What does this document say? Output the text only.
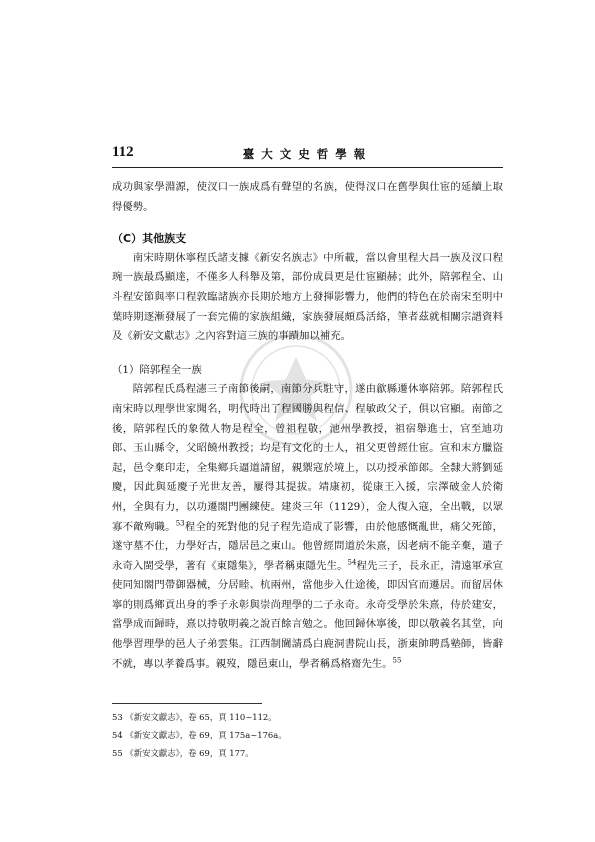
112	臺大文史哲學報

成功與家學淵源，使汊口一族成爲有聲望的名族，使得汊口在舊學與仕宦的延續上取得優勢。

（C）其他族支

南宋時期休寧程氏諸支據《新安名族志》中所載，當以會里程大昌一族及汊口程琬一族最爲顯達，不僅多人科舉及第，部份成員更是仕宦顯赫；此外，陪郭程全、山斗程安節與率口程敦臨諸族亦長期於地方上發揮影響力，他們的特色在於南宋至明中葉時期逐漸發展了一套完備的家族組織，家族發展頗爲活絡，筆者茲就相關宗譜資料及《新安文獻志》之內容對這三族的事蹟加以補充。

（1）陪郭程全一族

陪郭程氏爲程瀗三子南節後嗣，南節分兵駐守，遂由歙縣遷休寧陪郭。陪郭程氏南宋時以理學世家聞名，明代時出了程國勝與程信、程敏政父子，俱以官顯。南節之後，陪郭程氏的象徵人物是程全，曾祖程敬，池州學教授，祖宿舉進士，官至迪功郎、玉山縣令，父昭饒州教授；均是有文化的士人，祖父更曾經仕宦。宣和末方臘盜起，邑令棄印走，全集鄉兵逼道請留，親禦寇於境上，以功授承節郎。全隸大將劉延慶，因此與延慶子光世友善，屢得其提拔。靖康初，從康王入援，宗澤破金人於衛州，全與有力，以功遷閤門團練使。建炎三年（1129），金人復入寇，全出戰，以眾寡不敵殉職。$^{53}$程全的死對他的兒子程先造成了影響，由於他感慨亂世，痛父死節，遂守墓不仕，力學好古，隱居邑之東山。他曾經問道於朱熹，因老病不能辛棄，遣子永奇入閩受學，著有《東隱集》，學者稱東隱先生。$^{54}$程先三子，長永正，清遠軍承宣使同知閤門帶御器械，分居睦、杭兩州，當他步入仕途後，即因官而遷居。而留居休寧的則爲鄉貢出身的季子永彰與崇尚理學的二子永奇。永奇受學於朱熹，侍於建安，當學成而歸時，熹以持敬明義之說百餘言勉之。他回歸休寧後，即以敬義名其堂，向他學習理學的邑人子弟雲集。江西制閫請爲白鹿洞書院山長，浙東帥聘爲塾師，皆辭不就，專以孝養爲事。親歿，隱邑東山，學者稱爲格齋先生。$^{55}$

53 《新安文獻志》，卷 65，頁 110~112。
54 《新安文獻志》，卷 69，頁 175a~176a。
55 《新安文獻志》，卷 69，頁 177。
